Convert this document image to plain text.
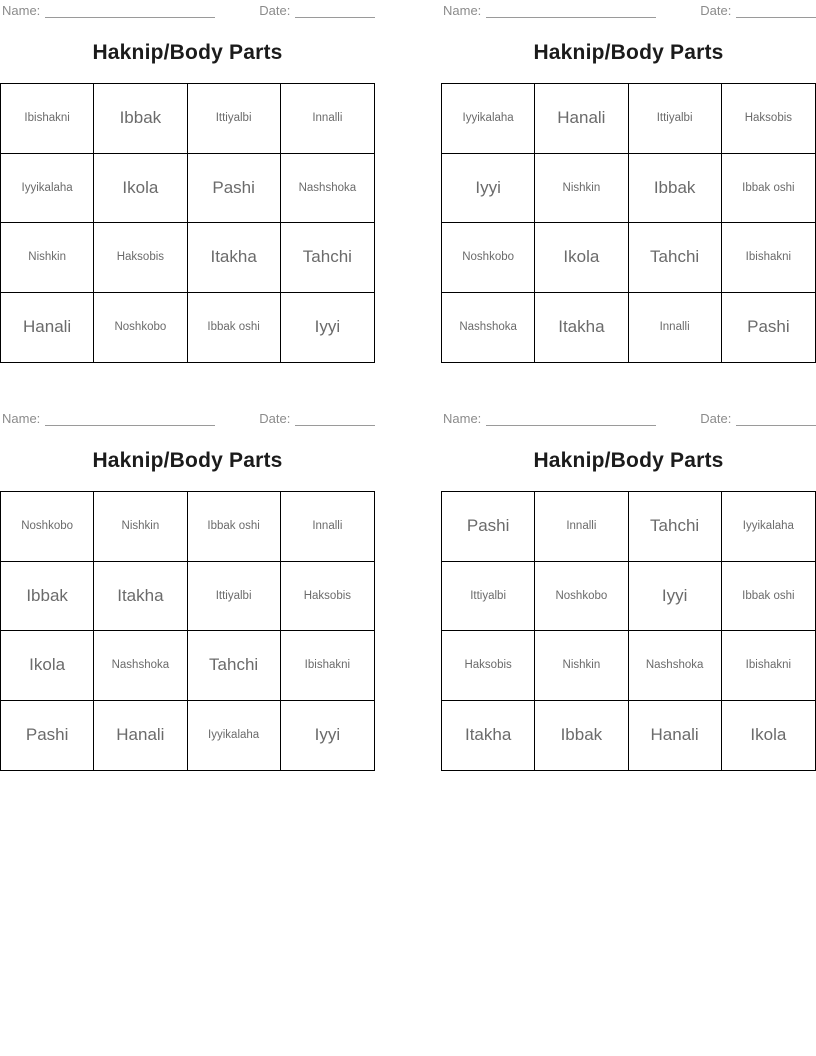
Name:	Date:
Haknip/Body Parts
Ibishakni	Ibbak	Ittiyalbi	Innalli
Iyyikalaha	Ikola	Pashi	Nashshoka
Nishkin	Haksobis	Itakha	Tahchi
Hanali	Noshkobo	Ibbak oshi	Iyyi
Name:	Date:
Haknip/Body Parts
Iyyikalaha	Hanali	Ittiyalbi	Haksobis
Iyyi	Nishkin	Ibbak	Ibbak oshi
Noshkobo	Ikola	Tahchi	Ibishakni
Nashshoka	Itakha	Innalli	Pashi
Name:	Date:
Haknip/Body Parts
Noshkobo	Nishkin	Ibbak oshi	Innalli
Ibbak	Itakha	Ittiyalbi	Haksobis
Ikola	Nashshoka	Tahchi	Ibishakni
Pashi	Hanali	Iyyikalaha	Iyyi
Name:	Date:
Haknip/Body Parts
Pashi	Innalli	Tahchi	Iyyikalaha
Ittiyalbi	Noshkobo	Iyyi	Ibbak oshi
Haksobis	Nishkin	Nashshoka	Ibishakni
Itakha	Ibbak	Hanali	Ikola
